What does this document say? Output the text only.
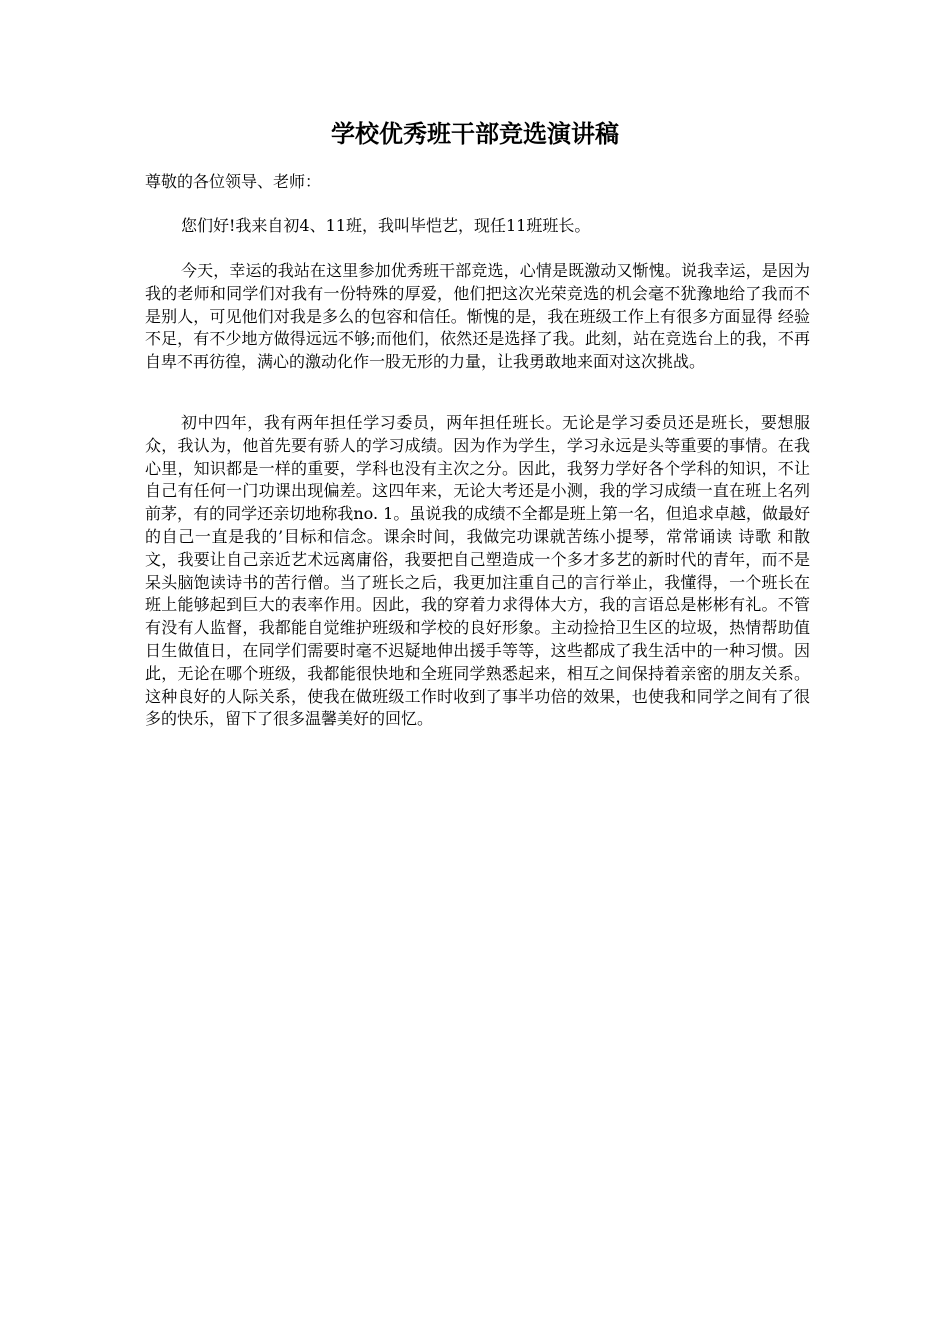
学校优秀班干部竞选演讲稿

尊敬的各位领导、老师：

您们好!我来自初4、11班，我叫毕恺艺，现任11班班长。

今天，幸运的我站在这里参加优秀班干部竞选，心情是既激动又惭愧。说我幸运，是因为我的老师和同学们对我有一份特殊的厚爱，他们把这次光荣竞选的机会毫不犹豫地给了我而不是别人，可见他们对我是多么的包容和信任。惭愧的是，我在班级工作上有很多方面显得 经验 不足，有不少地方做得远远不够;而他们，依然还是选择了我。此刻，站在竞选台上的我，不再自卑不再彷徨，满心的激动化作一股无形的力量，让我勇敢地来面对这次挑战。

初中四年，我有两年担任学习委员，两年担任班长。无论是学习委员还是班长，要想服众，我认为，他首先要有骄人的学习成绩。因为作为学生，学习永远是头等重要的事情。在我心里，知识都是一样的重要，学科也没有主次之分。因此，我努力学好各个学科的知识，不让自己有任何一门功课出现偏差。这四年来，无论大考还是小测，我的学习成绩一直在班上名列前茅，有的同学还亲切地称我no. 1。虽说我的成绩不全都是班上第一名，但追求卓越，做最好的自己一直是我的’目标和信念。课余时间，我做完功课就苦练小提琴，常常诵读 诗歌 和散文，我要让自己亲近艺术远离庸俗，我要把自己塑造成一个多才多艺的新时代的青年，而不是呆头脑饱读诗书的苦行僧。当了班长之后，我更加注重自己的言行举止，我懂得，一个班长在班上能够起到巨大的表率作用。因此，我的穿着力求得体大方，我的言语总是彬彬有礼。不管有没有人监督，我都能自觉维护班级和学校的良好形象。主动捡拾卫生区的垃圾，热情帮助值日生做值日，在同学们需要时毫不迟疑地伸出援手等等，这些都成了我生活中的一种习惯。因此，无论在哪个班级，我都能很快地和全班同学熟悉起来，相互之间保持着亲密的朋友关系。这种良好的人际关系，使我在做班级工作时收到了事半功倍的效果，也使我和同学之间有了很多的快乐，留下了很多温馨美好的回忆。
